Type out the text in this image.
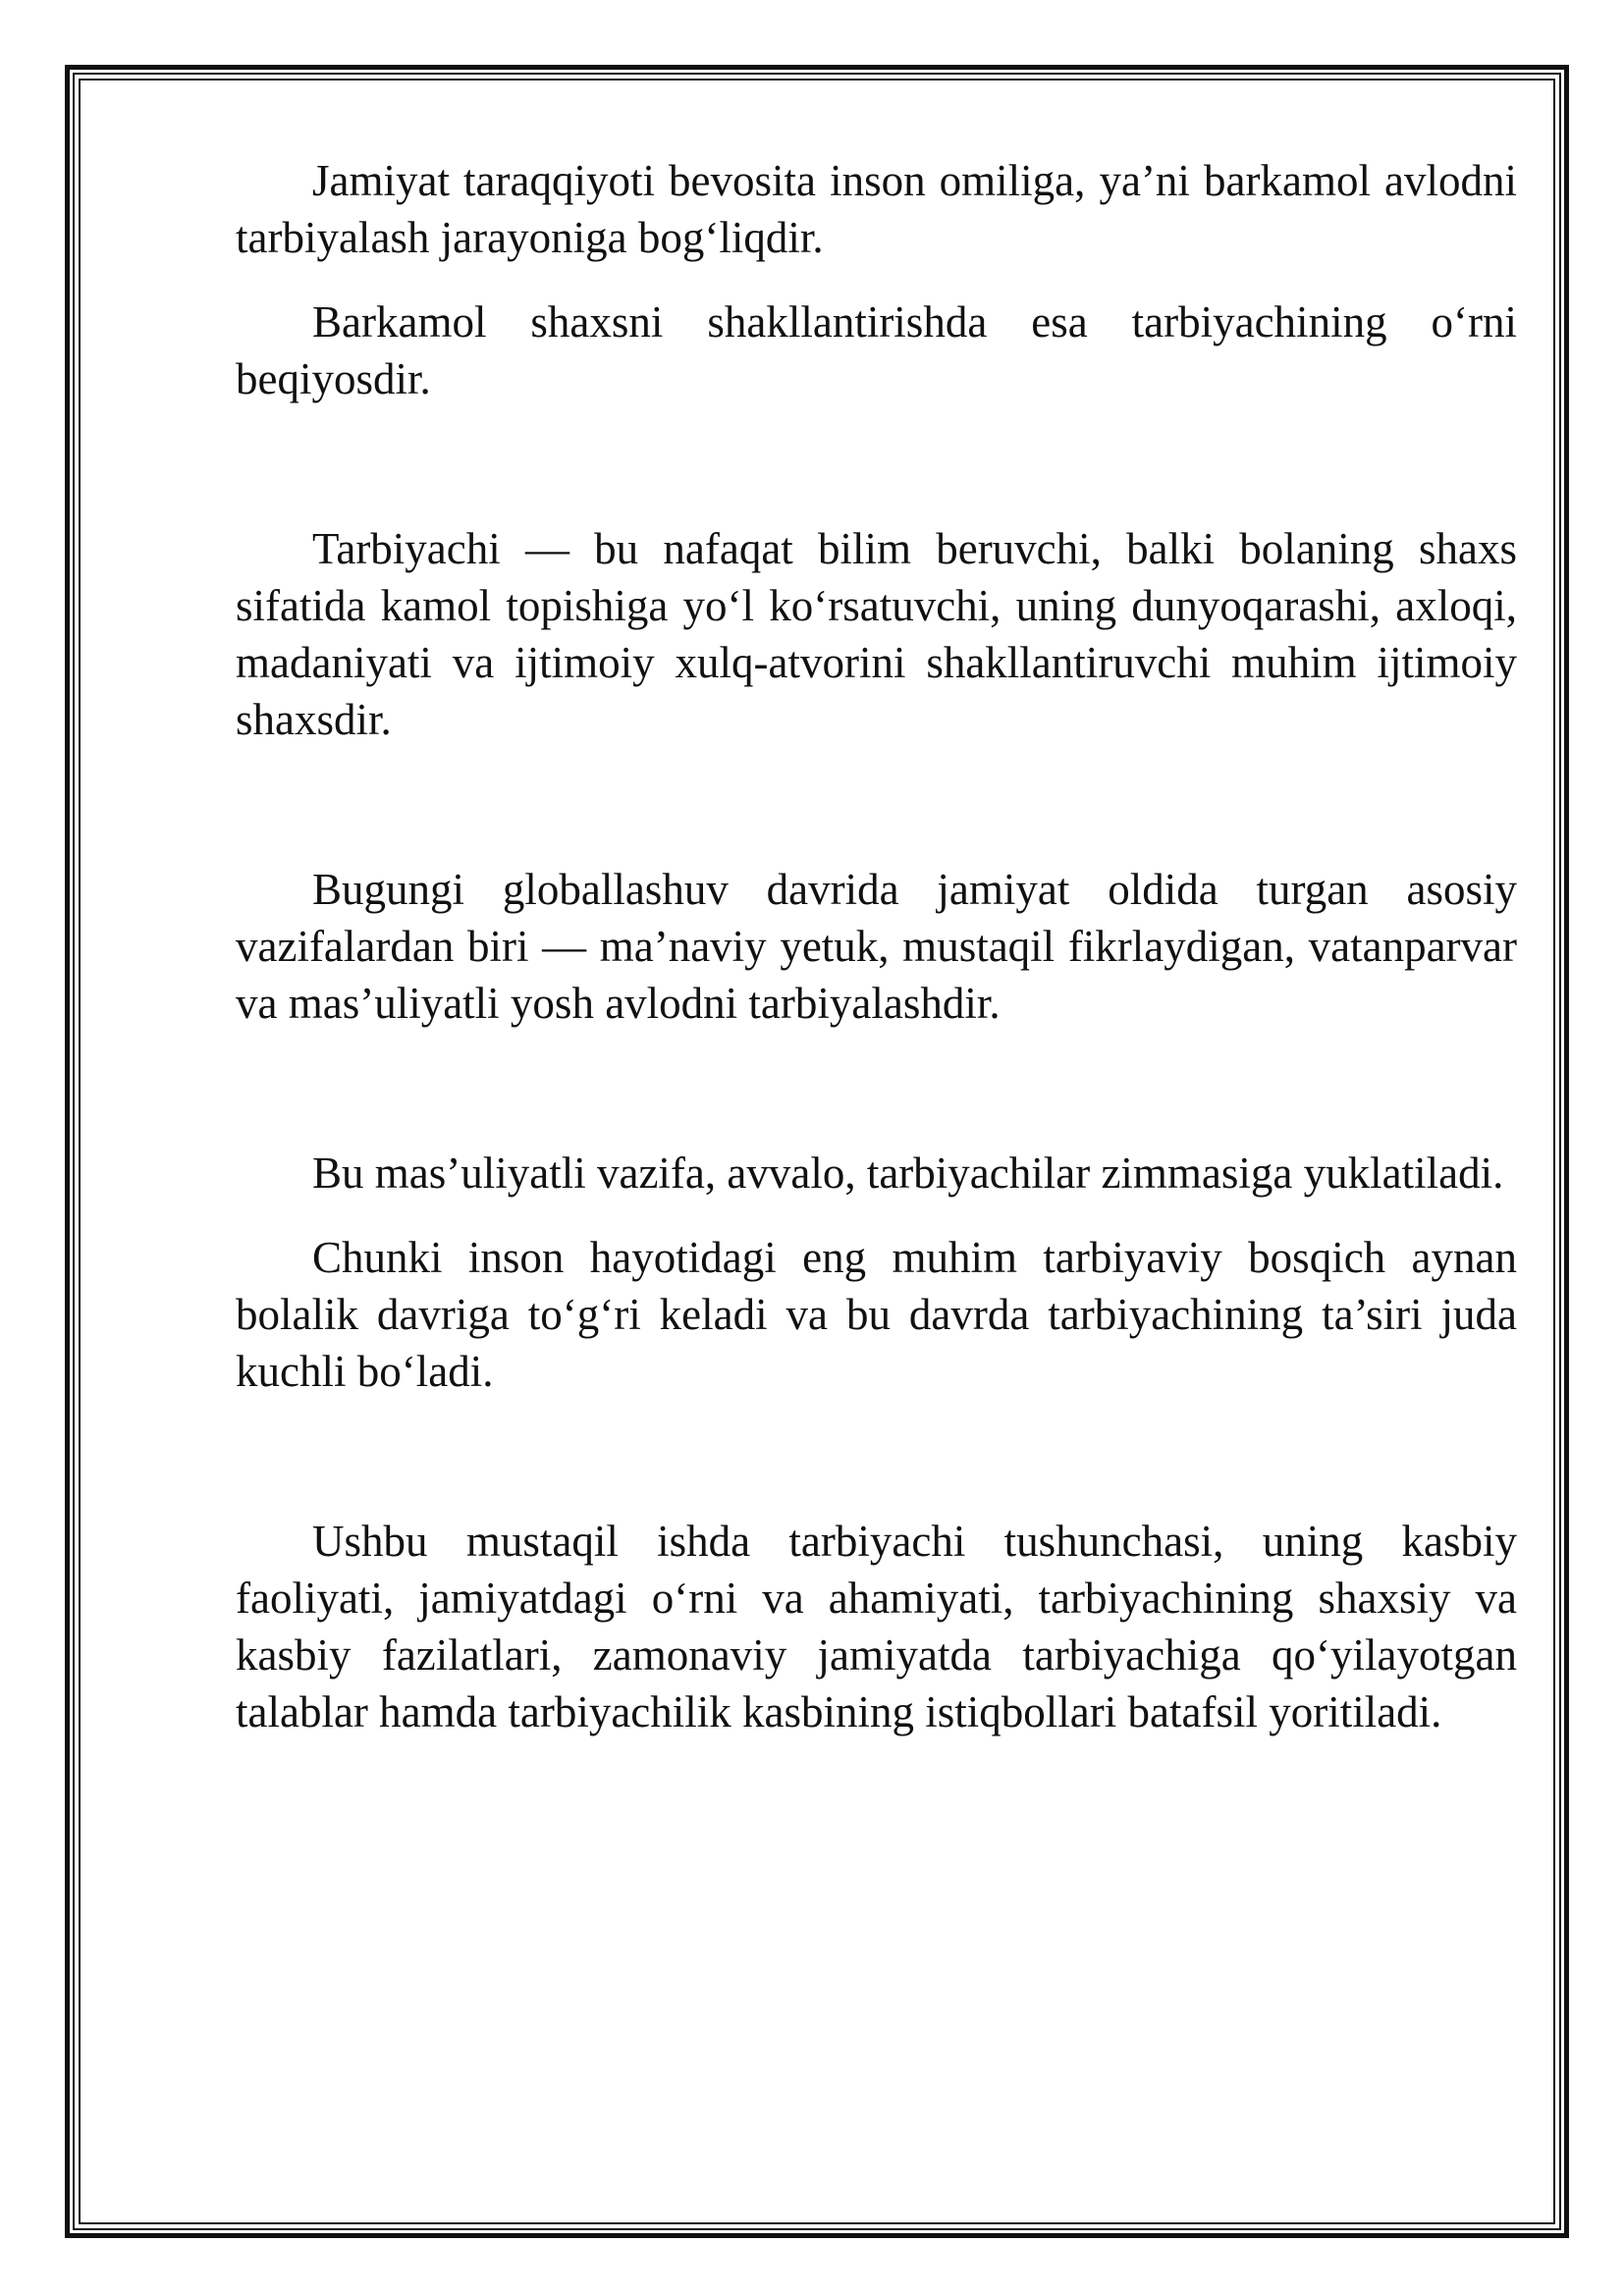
Jamiyat taraqqiyoti bevosita inson omiliga, ya’ni barkamol avlodni tarbiyalash jarayoniga bog‘liqdir.

Barkamol shaxsni shakllantirishda esa tarbiyachining o‘rni beqiyosdir.

Tarbiyachi — bu nafaqat bilim beruvchi, balki bolaning shaxs sifatida kamol topishiga yo‘l ko‘rsatuvchi, uning dunyoqarashi, axloqi, madaniyati va ijtimoiy xulq-atvorini shakllantiruvchi muhim ijtimoiy shaxsdir.

Bugungi globallashuv davrida jamiyat oldida turgan asosiy vazifalardan biri — ma’naviy yetuk, mustaqil fikrlaydigan, vatanparvar va mas’uliyatli yosh avlodni tarbiyalashdir.

Bu mas’uliyatli vazifa, avvalo, tarbiyachilar zimmasiga yuklatiladi.

Chunki inson hayotidagi eng muhim tarbiyaviy bosqich aynan bolalik davriga to‘g‘ri keladi va bu davrda tarbiyachining ta’siri juda kuchli bo‘ladi.

Ushbu mustaqil ishda tarbiyachi tushunchasi, uning kasbiy faoliyati, jamiyatdagi o‘rni va ahamiyati, tarbiyachining shaxsiy va kasbiy fazilatlari, zamonaviy jamiyatda tarbiyachiga qo‘yilayotgan talablar hamda tarbiyachilik kasbining istiqbollari batafsil yoritiladi.
